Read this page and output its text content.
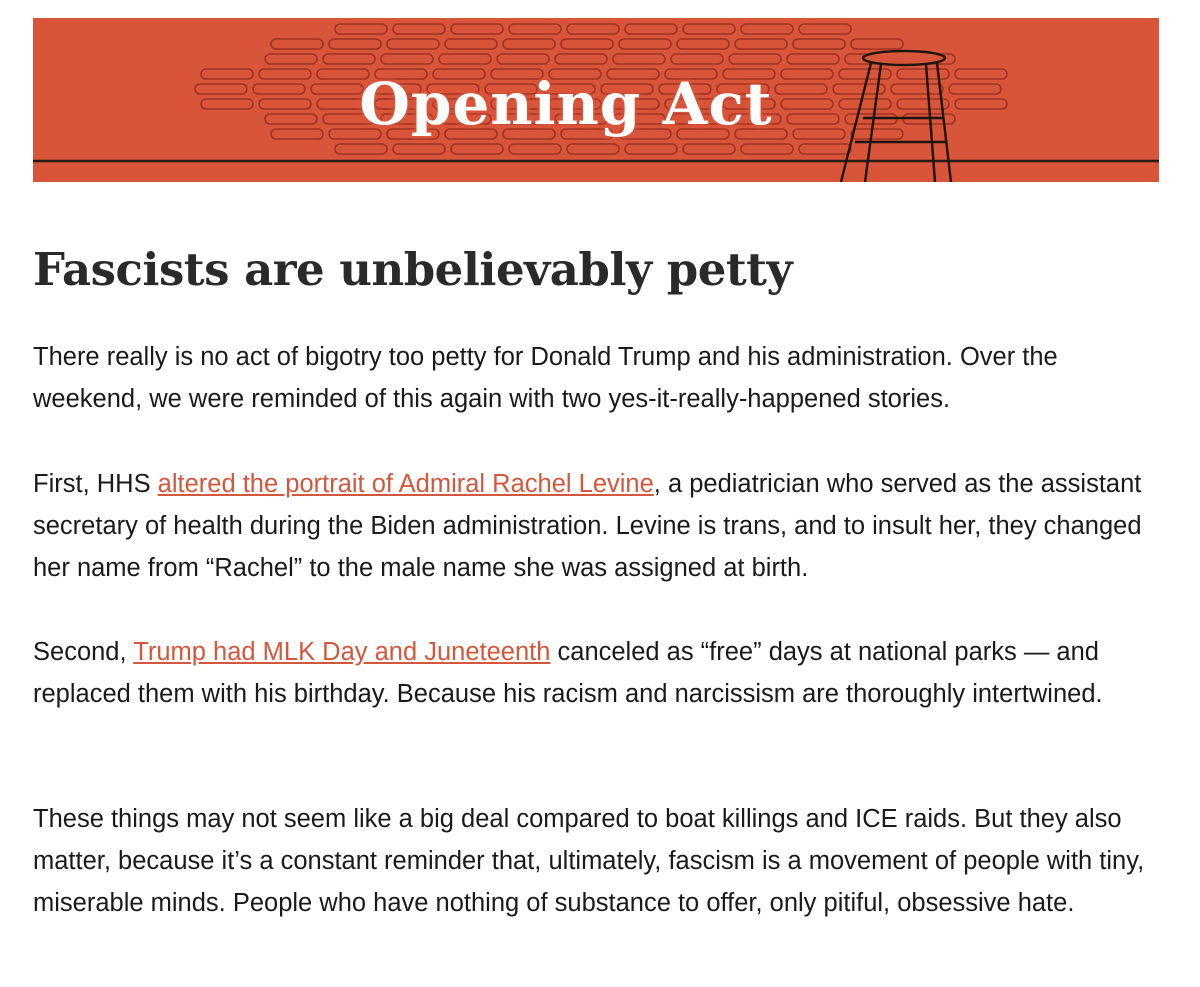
Opening Act
Fascists are unbelievably petty

There really is no act of bigotry too petty for Donald Trump and his administration. Over the weekend, we were reminded of this again with two yes-it-really-happened stories.

First, HHS altered the portrait of Admiral Rachel Levine, a pediatrician who served as the assistant secretary of health during the Biden administration. Levine is trans, and to insult her, they changed her name from “Rachel” to the male name she was assigned at birth.

Second, Trump had MLK Day and Juneteenth canceled as “free” days at national parks — and replaced them with his birthday. Because his racism and narcissism are thoroughly intertwined.

These things may not seem like a big deal compared to boat killings and ICE raids. But they also matter, because it’s a constant reminder that, ultimately, fascism is a movement of people with tiny, miserable minds. People who have nothing of substance to offer, only pitiful, obsessive hate.
